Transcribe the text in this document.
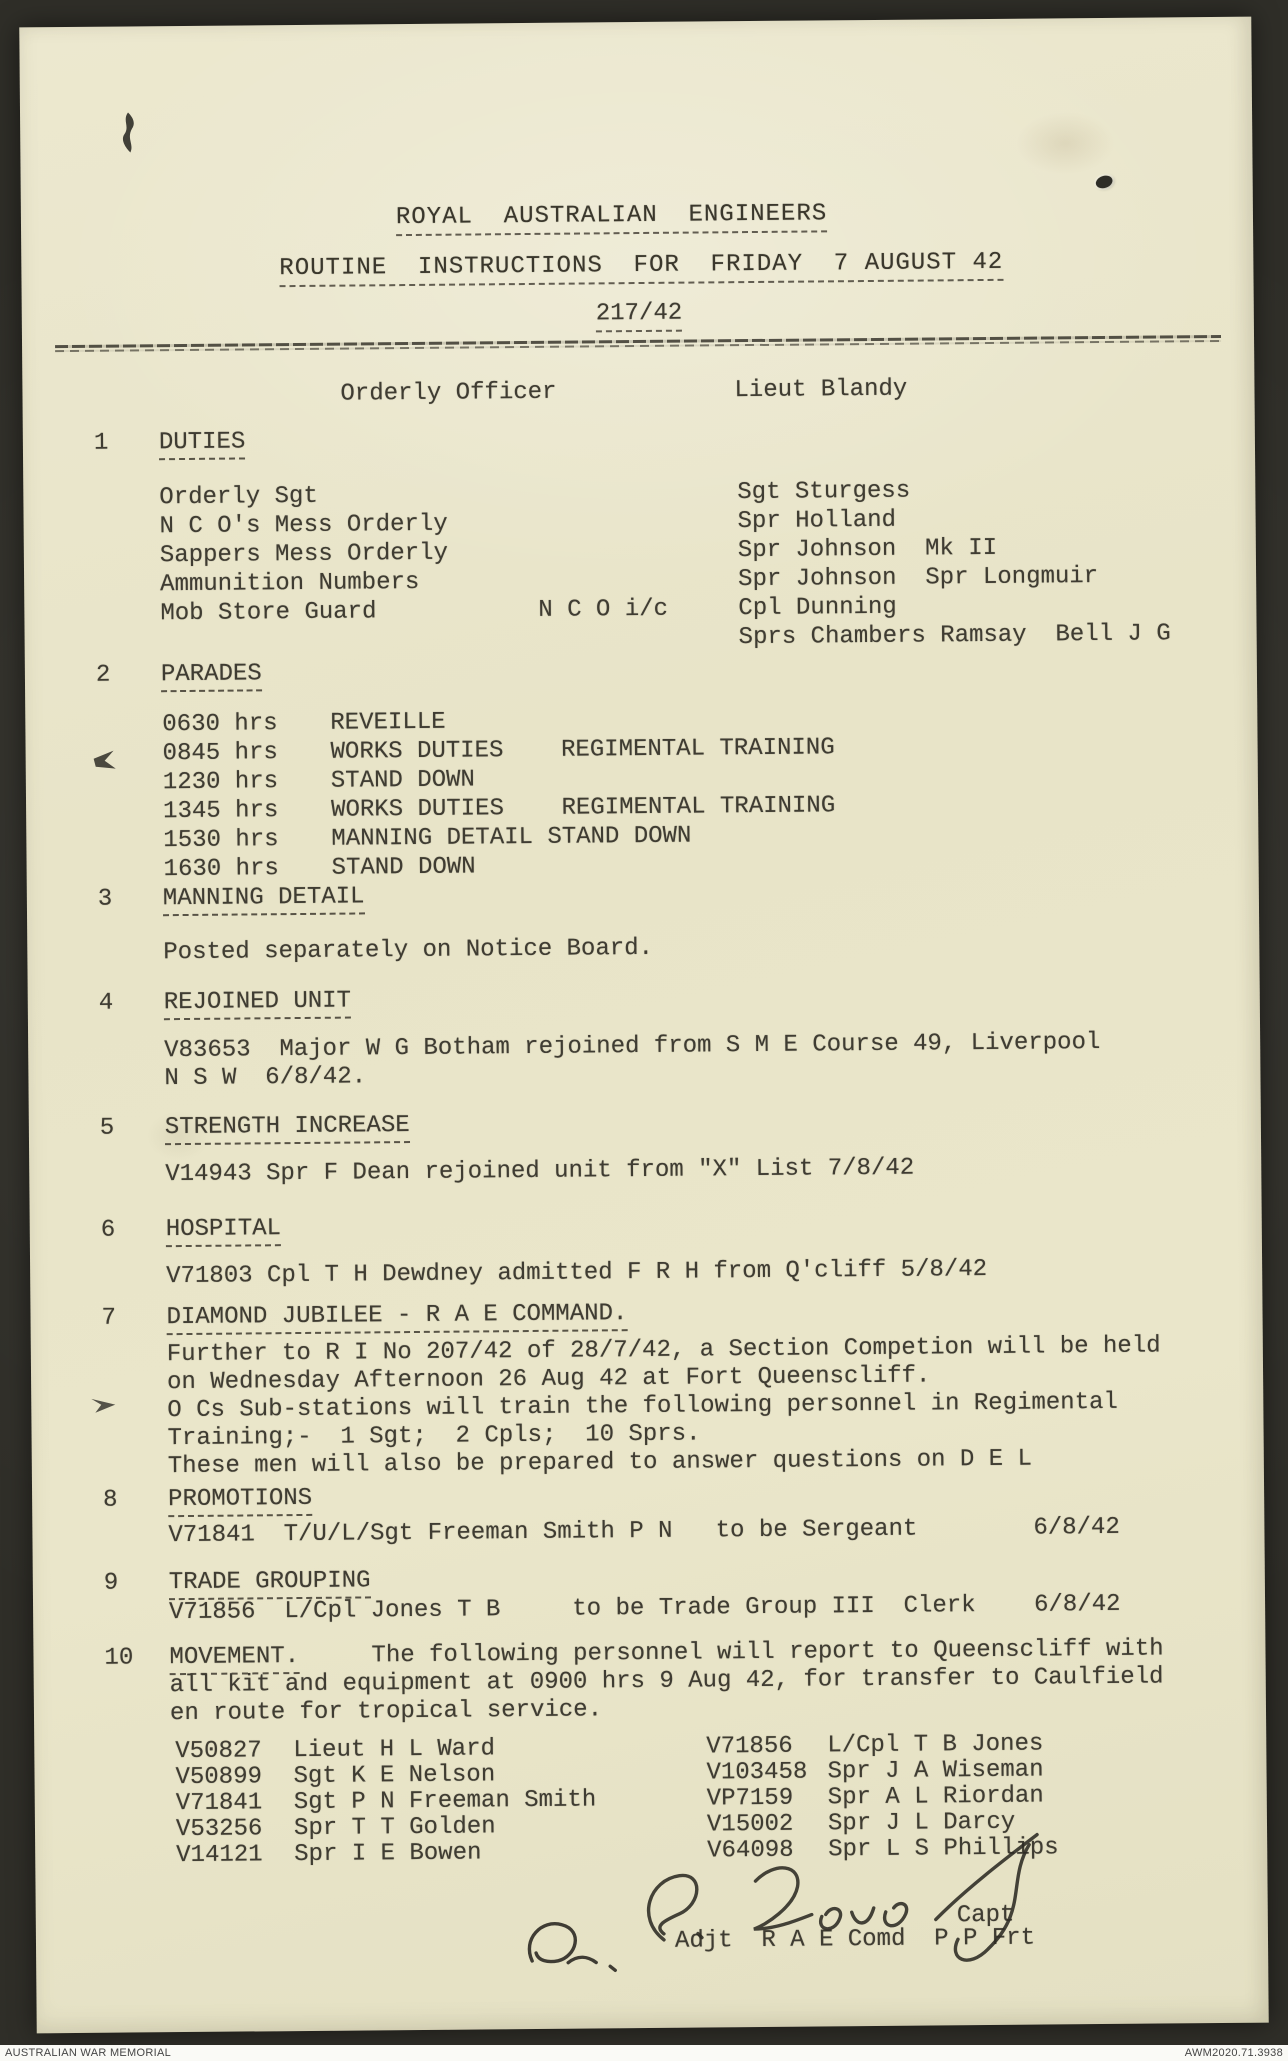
ROYAL  AUSTRALIAN  ENGINEERS
ROUTINE  INSTRUCTIONS  FOR  FRIDAY  7 AUGUST 42
217/42
Orderly Officer	Lieut Blandy
1 DUTIES
Orderly Sgt	Sgt Sturgess
N C O's Mess Orderly	Spr Holland
Sappers Mess Orderly	Spr Johnson  Mk II
Ammunition Numbers	Spr Johnson  Spr Longmuir
Mob Store Guard	N C O i/c	Cpl Dunning
Sprs Chambers Ramsay  Bell J G
2 PARADES
0630 hrs REVEILLE
0845 hrs WORKS DUTIES    REGIMENTAL TRAINING
1230 hrs STAND DOWN
1345 hrs WORKS DUTIES    REGIMENTAL TRAINING
1530 hrs MANNING DETAIL STAND DOWN
1630 hrs STAND DOWN
3 MANNING DETAIL
Posted separately on Notice Board.
4 REJOINED UNIT
V83653  Major W G Botham rejoined from S M E Course 49, Liverpool
N S W  6/8/42.
5 STRENGTH INCREASE
V14943 Spr F Dean rejoined unit from "X" List 7/8/42
6 HOSPITAL
V71803 Cpl T H Dewdney admitted F R H from Q'cliff 5/8/42
7 DIAMOND JUBILEE - R A E COMMAND.
Further to R I No 207/42 of 28/7/42, a Section Competion will be held
on Wednesday Afternoon 26 Aug 42 at Fort Queenscliff.
O Cs Sub-stations will train the following personnel in Regimental
Training;-  1 Sgt;  2 Cpls;  10 Sprs.
These men will also be prepared to answer questions on D E L
8 PROMOTIONS
V71841  T/U/L/Sgt Freeman Smith P N   to be Sergeant	6/8/42
9 TRADE GROUPING
V71856  L/Cpl Jones T B     to be Trade Group III  Clerk 6/8/42
10 MOVEMENT.	The following personnel will report to Queenscliff with
all kit and equipment at 0900 hrs 9 Aug 42, for transfer to Caulfield
en route for tropical service.
V50827 Lieut H L Ward	V71856 L/Cpl T B Jones
V50899 Sgt K E Nelson	V103458 Spr J A Wiseman
V71841 Sgt P N Freeman Smith	VP7159 Spr A L Riordan
V53256 Spr T T Golden	V15002 Spr J L Darcy
V14121 Spr I E Bowen	V64098 Spr L S Phillips
Capt
Adjt  R A E Comd  P P Frt
AUSTRALIAN WAR MEMORIAL	AWM2020.71.3938
